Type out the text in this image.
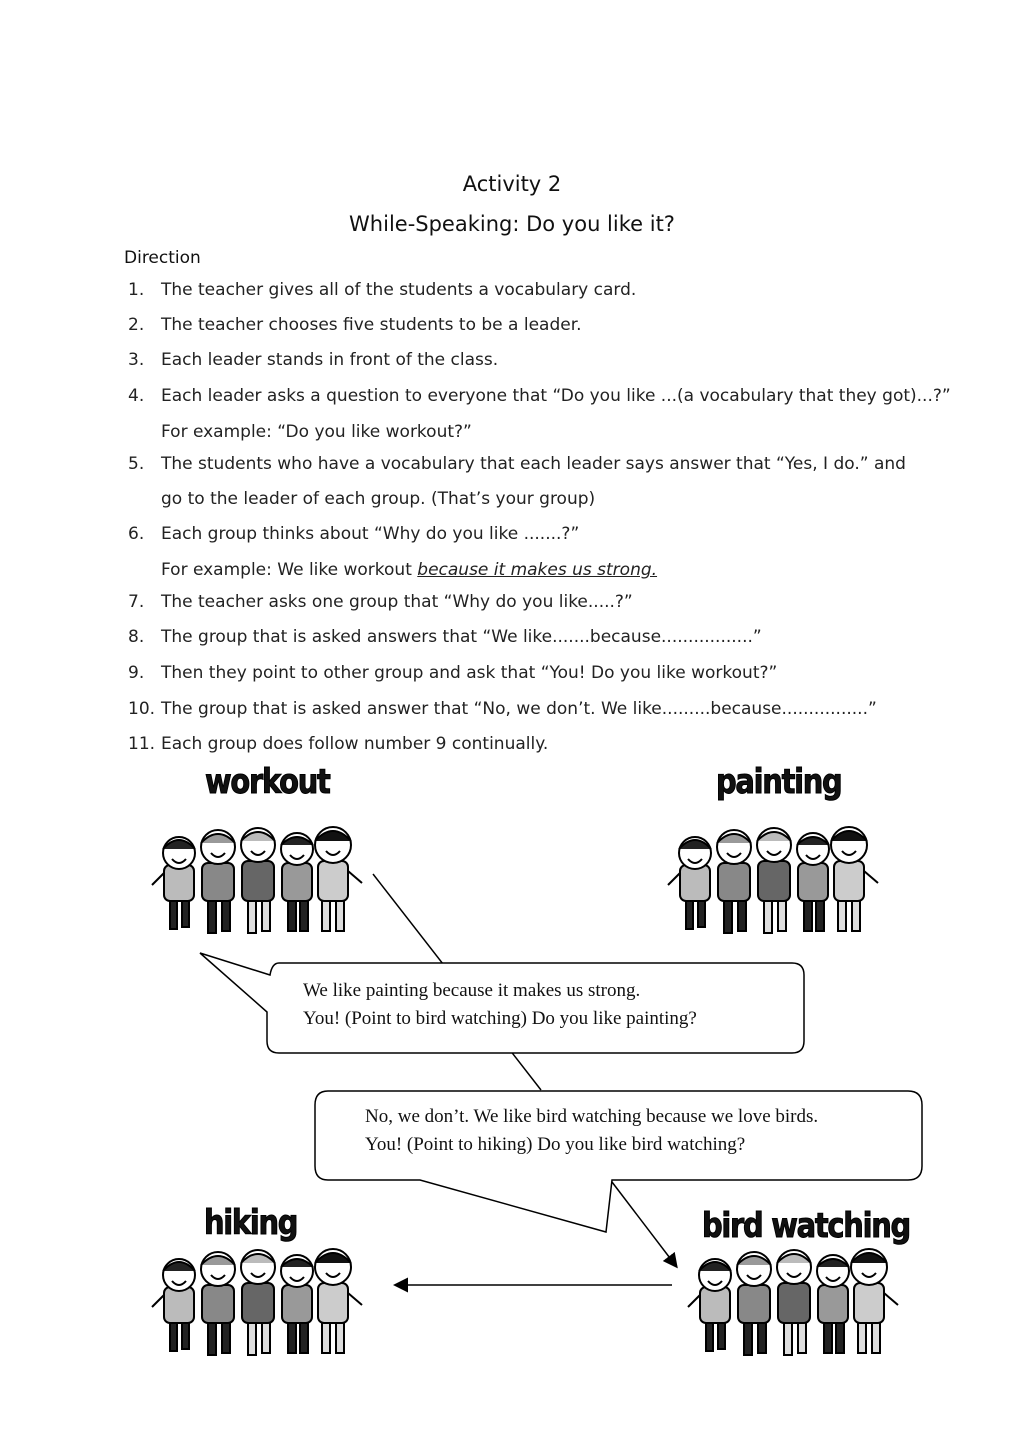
Activity 2
While-Speaking: Do you like it?
Direction
1. The teacher gives all of the students a vocabulary card.
2. The teacher chooses five students to be a leader.
3. Each leader stands in front of the class.
4. Each leader asks a question to everyone that “Do you like ...(a vocabulary that they got)...?”
For example: “Do you like workout?”
5. The students who have a vocabulary that each leader says answer that “Yes, I do.” and
go to the leader of each group. (That’s your group)
6. Each group thinks about “Why do you like .......?”
For example: We like workout because it makes us strong.
7. The teacher asks one group that “Why do you like.....?”
8. The group that is asked answers that “We like.......because.................”
9. Then they point to other group and ask that “You! Do you like workout?”
10. The group that is asked answer that “No, we don’t. We like.........because................”
11. Each group does follow number 9 continually.
workout	painting
hiking	bird watching
We like painting because it makes us strong.
You! (Point to bird watching) Do you like painting?
No, we don’t. We like bird watching because we love birds.
You! (Point to hiking) Do you like bird watching?
